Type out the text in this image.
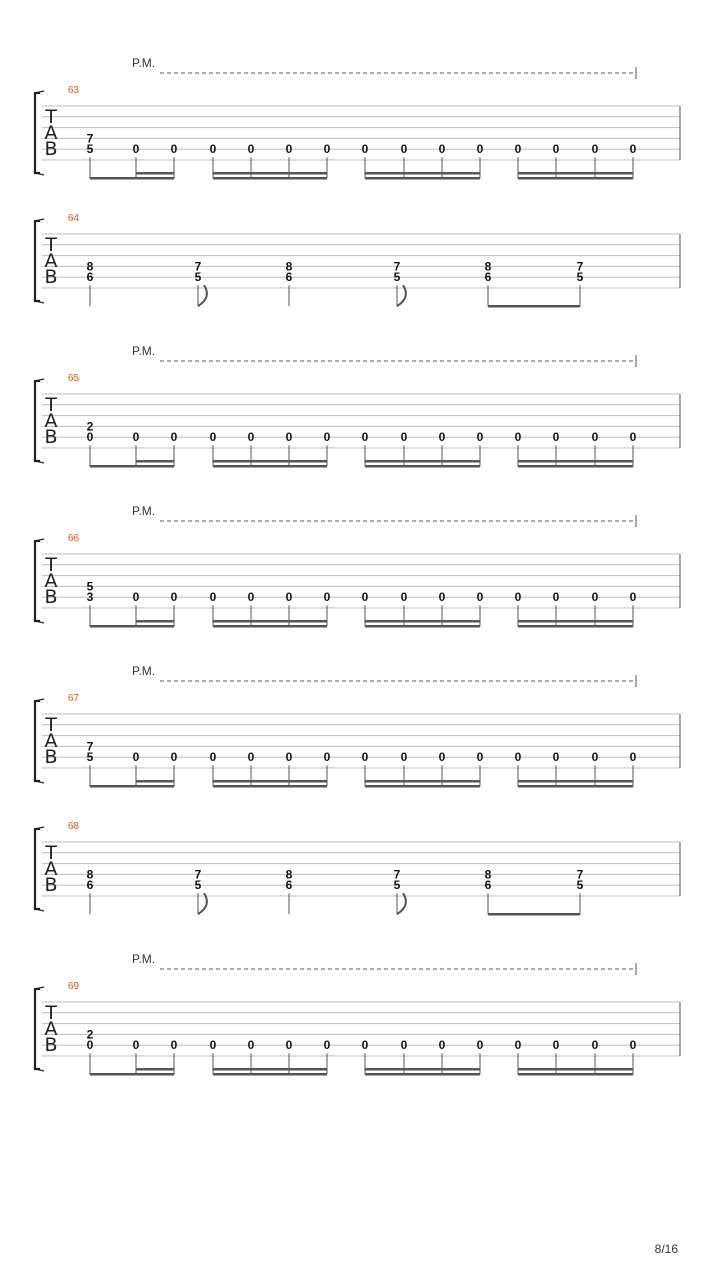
T
A
B
63
P.M.
7
5	0	0	0	0	0	0	0	0	0	0	0	0	0	0
T
A
B
64
8
6
7
5
8
6
7
5
8
6
7
5
T
A
B
65
P.M.
2
0	0	0	0	0	0	0	0	0	0	0	0	0	0	0
T
A
B
66
P.M.
5
3	0	0	0	0	0	0	0	0	0	0	0	0	0	0
T
A
B
67
P.M.
7
5	0	0	0	0	0	0	0	0	0	0	0	0	0	0
T
A
B
68
8
6
7
5
8
6
7
5
8
6
7
5
T
A
B
69
P.M.
2
0	0	0	0	0	0	0	0	0	0	0	0	0	0	0
8/16
